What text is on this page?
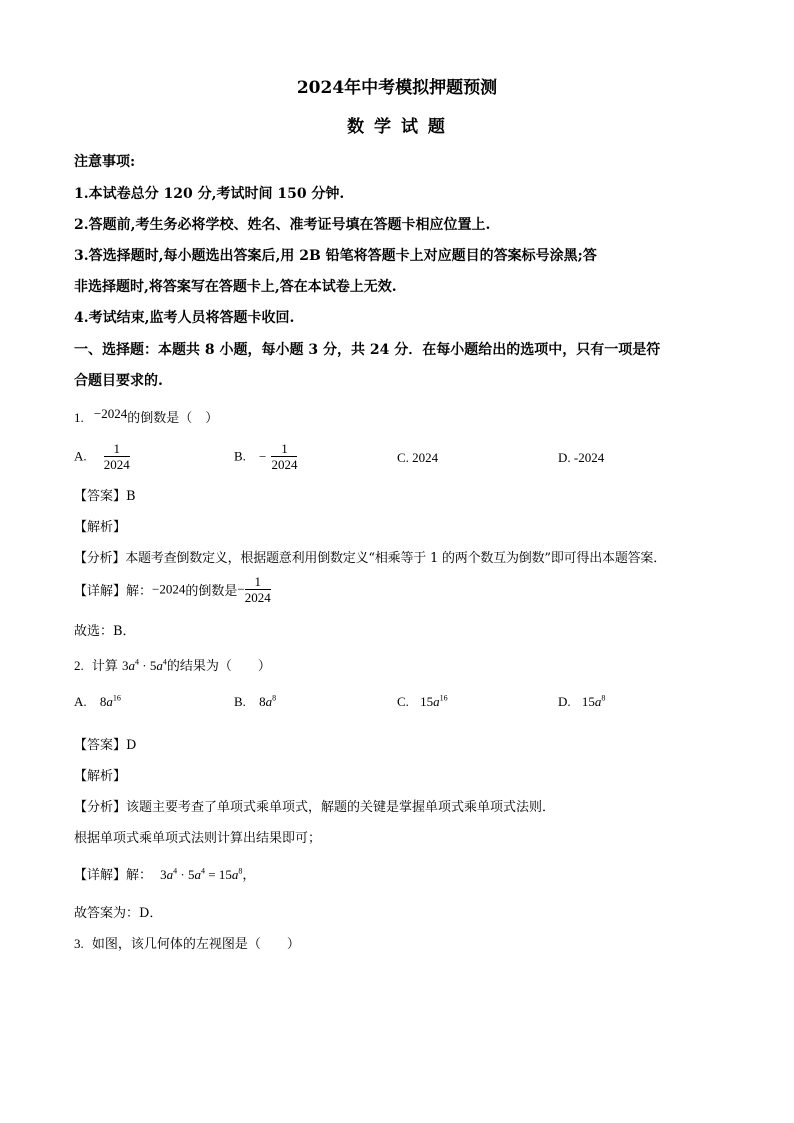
2024年中考模拟押题预测
数 学 试 题
注意事项:
1.本试卷总分 120 分,考试时间 150 分钟.
2.答题前,考生务必将学校、姓名、准考证号填在答题卡相应位置上.
3.答选择题时,每小题选出答案后,用 2B 铅笔将答题卡上对应题目的答案标号涂黑;答
非选择题时,将答案写在答题卡上,答在本试卷上无效.
4.考试结束,监考人员将答题卡收回.
一、选择题：本题共 8 小题，每小题 3 分，共 24 分．在每小题给出的选项中，只有一项是符
合题目要求的.
1. −2024的倒数是（　）
A. $\frac{1}{2024}$	B. − $\frac{1}{2024}$	C. 2024	D. -2024
【答案】B
【解析】
【分析】本题考查倒数定义，根据题意利用倒数定义“相乘等于 1 的两个数互为倒数”即可得出本题答案．
【详解】解：−2024的倒数是− $\frac{1}{2024}$
故选：B．
2. 计算 $3a^4 \cdot 5a^4$的结果为（　　）
A. $8a^{16}$	B. $8a^8$	C. $15a^{16}$	D. $15a^8$
【答案】D
【解析】
【分析】该题主要考查了单项式乘单项式，解题的关键是掌握单项式乘单项式法则．
根据单项式乘单项式法则计算出结果即可；
【详解】解： $3a^4 \cdot 5a^4 = 15a^8$，
故答案为：D．
3. 如图，该几何体的左视图是（　　）
